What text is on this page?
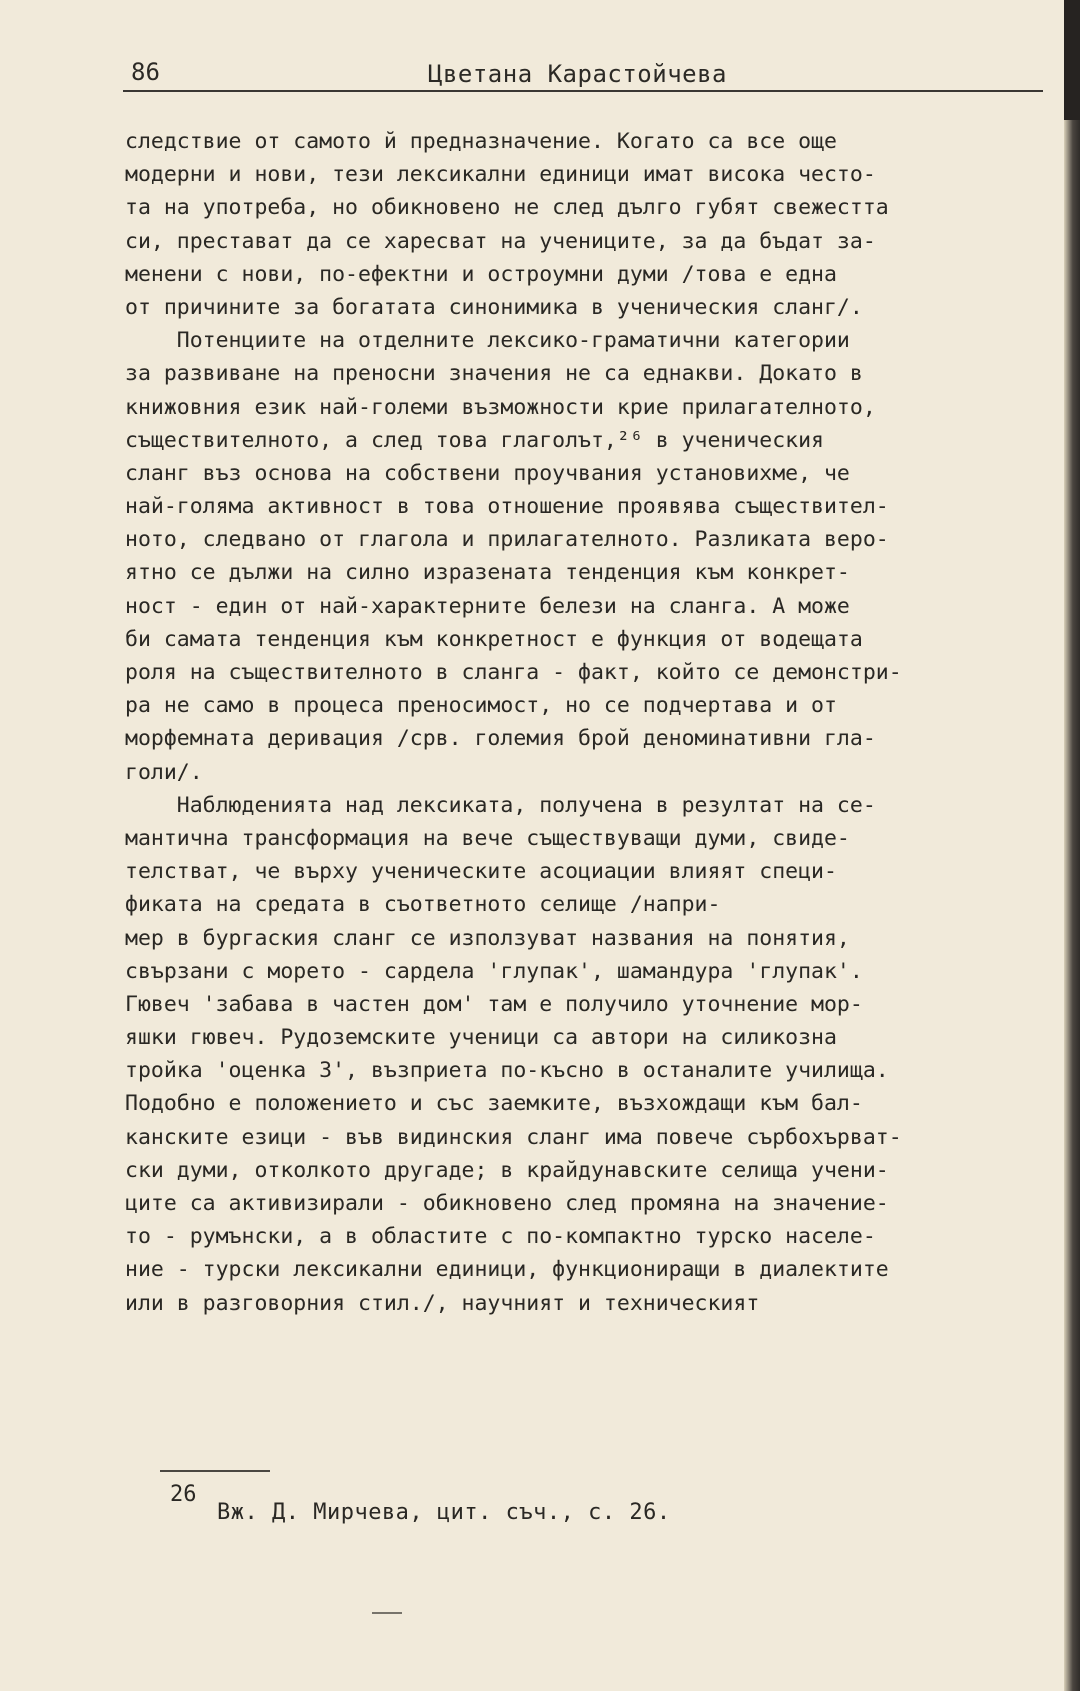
86	Цветана Карастойчева
следствие от самото й предназначение. Когато са все още
модерни и нови, тези лексикални единици имат висока често-
та на употреба, но обикновено не след дълго губят свежестта
си, престават да се харесват на учениците, за да бъдат за-
менени с нови, по-ефектни и остроумни думи /това е една
от причините за богатата синонимика в ученическия сланг/.
Потенциите на отделните лексико-граматични категории
за развиване на преносни значения не са еднакви. Докато в
книжовния език най-големи възможности крие прилагателното,
съществителното, а след това глаголът,²⁶ в ученическия
сланг въз основа на собствени проучвания установихме, че
най-голяма активност в това отношение проявява съществител-
ното, следвано от глагола и прилагателното. Разликата веро-
ятно се дължи на силно изразената тенденция към конкрет-
ност - един от най-характерните белези на сланга. А може
би самата тенденция към конкретност е функция от водещата
роля на съществителното в сланга - факт, който се демонстри-
ра не само в процеса преносимост, но се подчертава и от
морфемната деривация /срв. големия брой деноминативни гла-
голи/.
Наблюденията над лексиката, получена в резултат на се-
мантична трансформация на вече съществуващи думи, свиде-
телстват, че върху ученическите асоциации влияят специ-
фиката на средата в съответното селище /напри-
мер в бургаския сланг се използуват названия на понятия,
свързани с морето - сардела 'глупак', шамандура 'глупак'.
Гювеч 'забава в частен дом' там е получило уточнение мор-
яшки гювеч. Рудоземските ученици са автори на силикозна
тройка 'оценка 3', възприета по-късно в останалите училища.
Подобно е положението и със заемките, възхождащи към бал-
канските езици - във видинския сланг има повече сърбохърват-
ски думи, отколкото другаде; в крайдунавските селища учени-
ците са активизирали - обикновено след промяна на значение-
то - румънски, а в областите с по-компактно турско населе-
ние - турски лексикални единици, функциониращи в диалектите
или в разговорния стил./, научният и техническият
26
Вж. Д. Мирчева, цит. съч., с. 26.
